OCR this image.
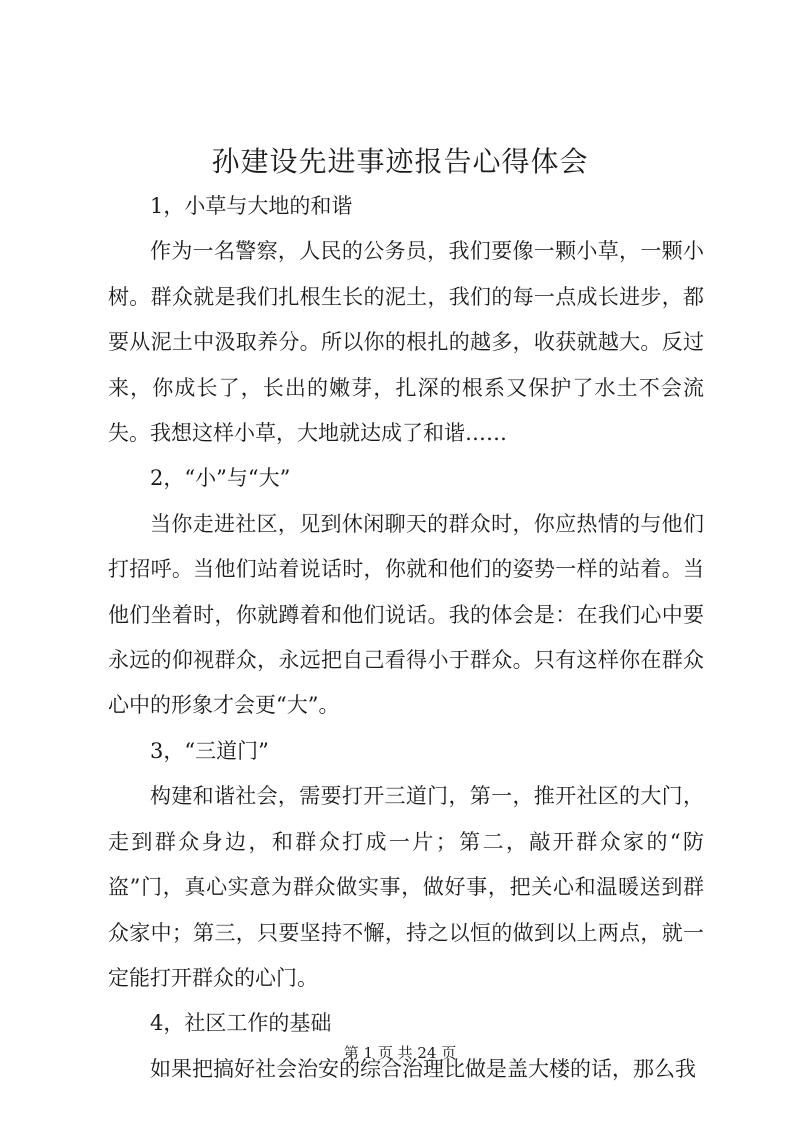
孙建设先进事迹报告心得体会

1，小草与大地的和谐

作为一名警察，人民的公务员，我们要像一颗小草，一颗小树。群众就是我们扎根生长的泥土，我们的每一点成长进步，都要从泥土中汲取养分。所以你的根扎的越多，收获就越大。反过来，你成长了，长出的嫩芽，扎深的根系又保护了水土不会流失。我想这样小草，大地就达成了和谐……

2，“小”与“大”

当你走进社区，见到休闲聊天的群众时，你应热情的与他们打招呼。当他们站着说话时，你就和他们的姿势一样的站着。当他们坐着时，你就蹲着和他们说话。我的体会是：在我们心中要永远的仰视群众，永远把自己看得小于群众。只有这样你在群众心中的形象才会更“大”。

3，“三道门”

构建和谐社会，需要打开三道门，第一，推开社区的大门，走到群众身边，和群众打成一片；第二，敲开群众家的“防盗”门，真心实意为群众做实事，做好事，把关心和温暖送到群众家中；第三，只要坚持不懈，持之以恒的做到以上两点，就一定能打开群众的心门。

4，社区工作的基础

如果把搞好社会治安的综合治理比做是盖大楼的话，那么我

第 1 页 共 24 页
